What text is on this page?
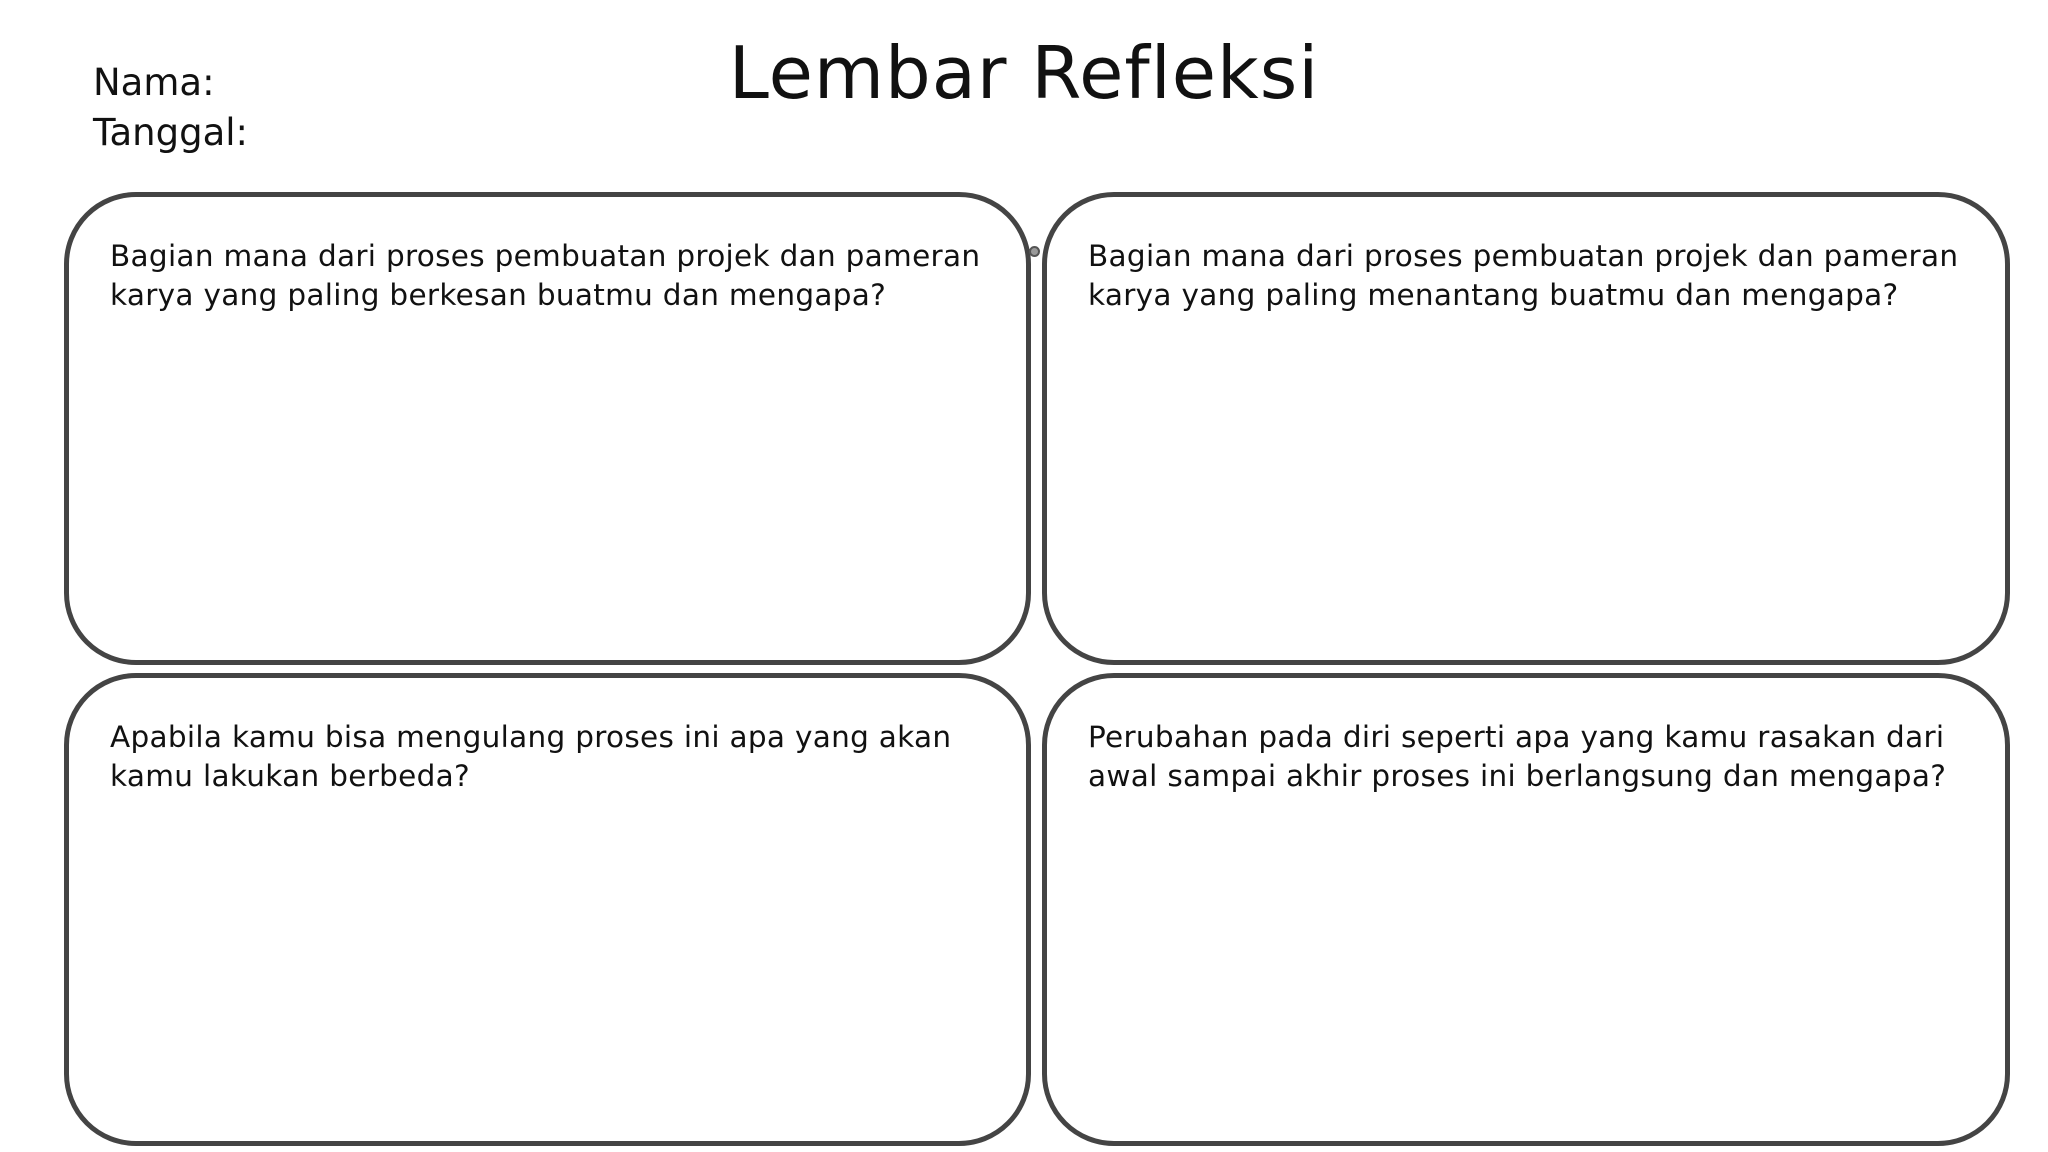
Nama:
Tanggal:
Lembar Refleksi
Bagian mana dari proses pembuatan projek dan pameran karya yang paling berkesan buatmu dan mengapa?
Bagian mana dari proses pembuatan projek dan pameran karya yang paling menantang buatmu dan mengapa?
Apabila kamu bisa mengulang proses ini apa yang akan kamu lakukan berbeda?
Perubahan pada diri seperti apa yang kamu rasakan dari awal sampai akhir proses ini berlangsung dan mengapa?
